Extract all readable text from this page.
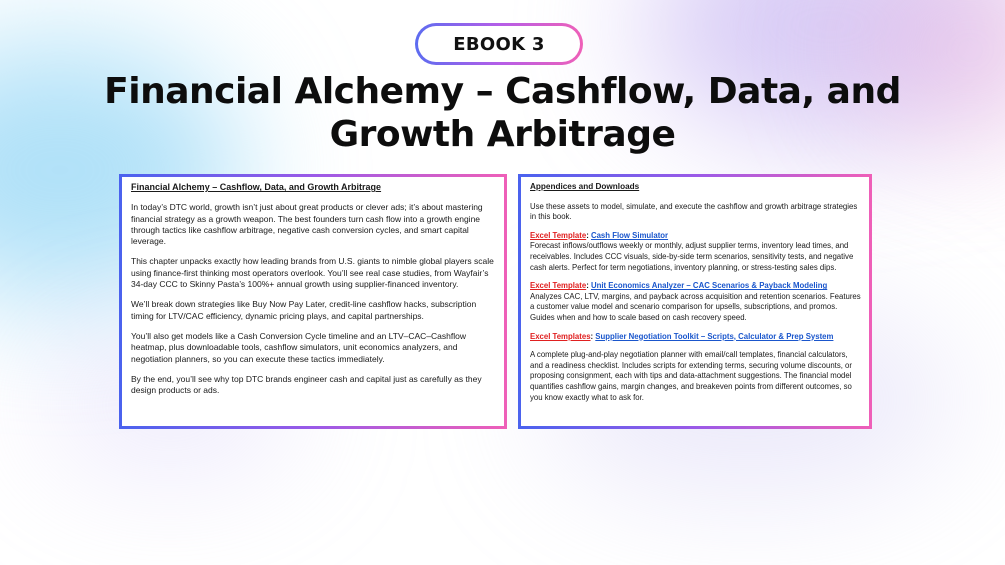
EBOOK 3
Financial Alchemy – Cashflow, Data, and
Growth Arbitrage
Financial Alchemy – Cashflow, Data, and Growth Arbitrage

In today’s DTC world, growth isn’t just about great products or clever ads; it’s about mastering financial strategy as a growth weapon. The best founders turn cash flow into a growth engine through tactics like cashflow arbitrage, negative cash conversion cycles, and smart capital leverage.

This chapter unpacks exactly how leading brands from U.S. giants to nimble global players scale using finance-first thinking most operators overlook. You’ll see real case studies, from Wayfair’s 34-day CCC to Skinny Pasta’s 100%+ annual growth using supplier-financed inventory.

We’ll break down strategies like Buy Now Pay Later, credit-line cashflow hacks, subscription timing for LTV/CAC efficiency, dynamic pricing plays, and capital partnerships.

You’ll also get models like a Cash Conversion Cycle timeline and an LTV–CAC–Cashflow heatmap, plus downloadable tools, cashflow simulators, unit economics analyzers, and negotiation planners, so you can execute these tactics immediately.

By the end, you’ll see why top DTC brands engineer cash and capital just as carefully as they design products or ads.

Appendices and Downloads

Use these assets to model, simulate, and execute the cashflow and growth arbitrage strategies in this book.

Excel Template: Cash Flow Simulator
Forecast inflows/outflows weekly or monthly, adjust supplier terms, inventory lead times, and receivables. Includes CCC visuals, side-by-side term scenarios, sensitivity tests, and negative cash alerts. Perfect for term negotiations, inventory planning, or stress-testing sales dips.
Excel Template: Unit Economics Analyzer – CAC Scenarios & Payback Modeling
Analyzes CAC, LTV, margins, and payback across acquisition and retention scenarios. Features a customer value model and scenario comparison for upsells, subscriptions, and promos. Guides when and how to scale based on cash recovery speed.
Excel Templates: Supplier Negotiation Toolkit – Scripts, Calculator & Prep System

A complete plug-and-play negotiation planner with email/call templates, financial calculators, and a readiness checklist. Includes scripts for extending terms, securing volume discounts, or proposing consignment, each with tips and data-attachment suggestions. The financial model quantifies cashflow gains, margin changes, and breakeven points from different outcomes, so you know exactly what to ask for.
